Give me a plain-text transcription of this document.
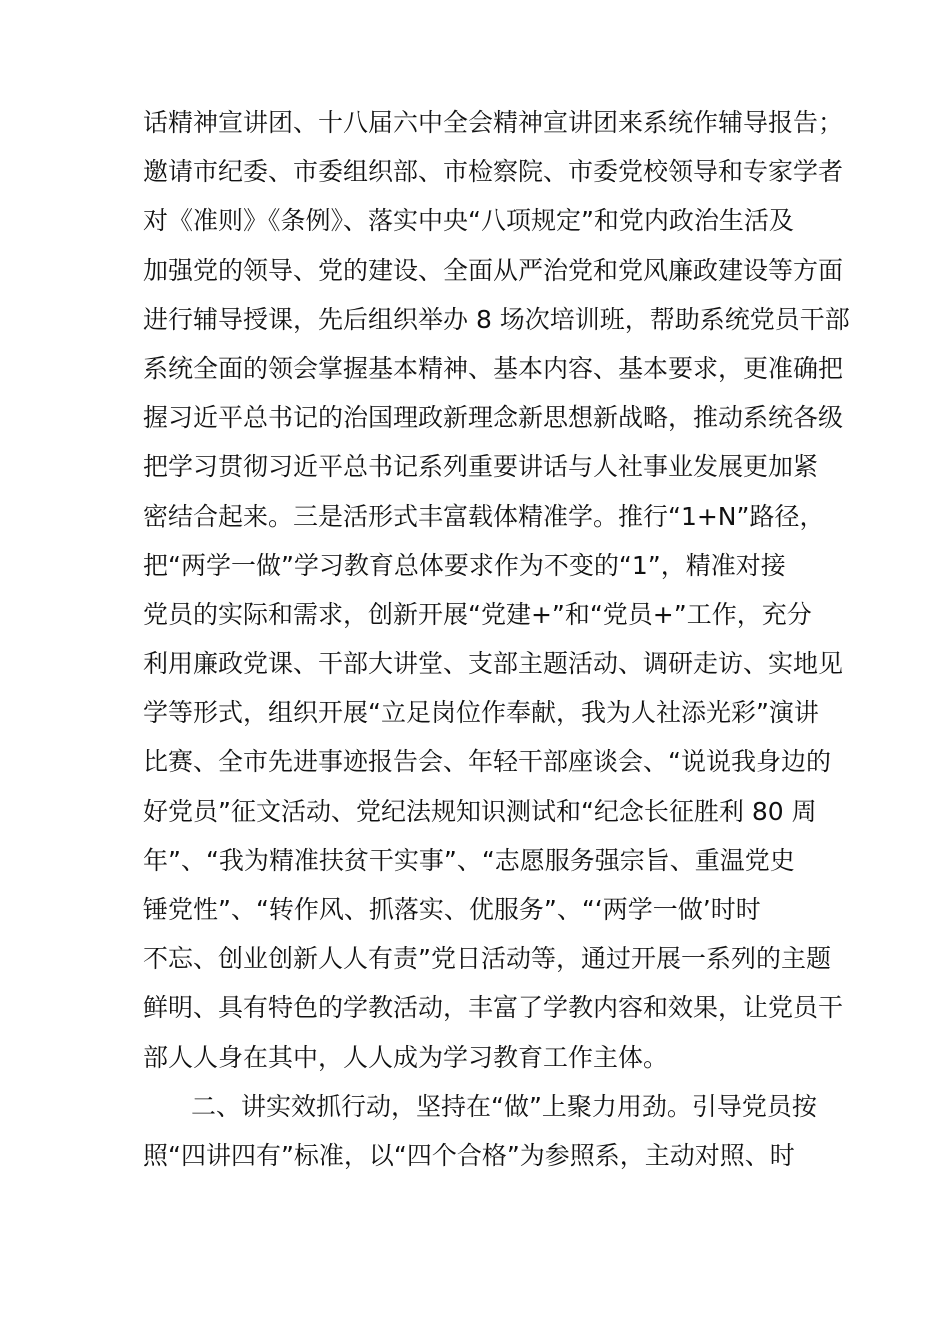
话精神宣讲团、十八届六中全会精神宣讲团来系统作辅导报告；
邀请市纪委、市委组织部、市检察院、市委党校领导和专家学者
对《准则》《条例》、落实中央“八项规定”和党内政治生活及
加强党的领导、党的建设、全面从严治党和党风廉政建设等方面
进行辅导授课，先后组织举办 8 场次培训班，帮助系统党员干部
系统全面的领会掌握基本精神、基本内容、基本要求，更准确把
握习近平总书记的治国理政新理念新思想新战略，推动系统各级
把学习贯彻习近平总书记系列重要讲话与人社事业发展更加紧
密结合起来。三是活形式丰富载体精准学。推行“1+N”路径，
把“两学一做”学习教育总体要求作为不变的“1”，精准对接
党员的实际和需求，创新开展“党建+”和“党员+”工作，充分
利用廉政党课、干部大讲堂、支部主题活动、调研走访、实地见
学等形式，组织开展“立足岗位作奉献，我为人社添光彩”演讲
比赛、全市先进事迹报告会、年轻干部座谈会、“说说我身边的
好党员”征文活动、党纪法规知识测试和“纪念长征胜利 80 周
年”、“我为精准扶贫干实事”、“志愿服务强宗旨、重温党史
锤党性”、“转作风、抓落实、优服务”、“‘两学一做’时时
不忘、创业创新人人有责”党日活动等，通过开展一系列的主题
鲜明、具有特色的学教活动，丰富了学教内容和效果，让党员干
部人人身在其中，人人成为学习教育工作主体。
二、讲实效抓行动，坚持在“做”上聚力用劲。引导党员按
照“四讲四有”标准，以“四个合格”为参照系，主动对照、时
